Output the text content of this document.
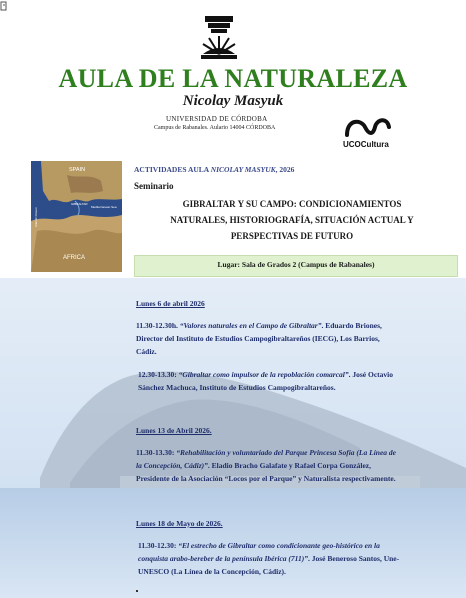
AULA DE LA NATURALEZA
Nicolay Masyuk
UNIVERSIDAD DE CÓRDOBA
Campus de Rabanales. Aulario 14004 CÓRDOBA
UCOCultura
SPAIN
AFRICA
GIBRALTAR
Mediterranean Sea
Atlantic Ocean
ACTIVIDADES AULA NICOLAY MASYUK, 2026
Seminario
GIBRALTAR Y SU CAMPO: CONDICIONAMIENTOS
NATURALES, HISTORIOGRAFÍA, SITUACIÓN ACTUAL Y
PERSPECTIVAS DE FUTURO
Lugar: Sala de Grados 2 (Campus de Rabanales)
Lunes 6 de abril 2026
11.30-12.30h. “Valores naturales en el Campo de Gibraltar”. Eduardo Briones,
Director del Instituto de Estudios Campogibraltareños (IECG), Los Barrios,
Cádiz.
12.30-13.30: “Gibraltar como impulsor de la repoblación comarcal”. José Octavio
Sánchez Machuca, Instituto de Estudios Campogibraltareños.
Lunes 13 de Abril 2026.
11.30-13.30: “Rehabilitación y voluntariado del Parque Princesa Sofía (La Línea de
la Concepción, Cádiz)”. Eladio Bracho Galafate y Rafael Corpa González,
Presidente de la Asociación “Locos por el Parque” y Naturalista respectivamente.
Lunes 18 de Mayo de 2026.
11.30-12.30: “El estrecho de Gibraltar como condicionante geo-histórico en la
conquista arabo-bereber de la península Ibérica (711)”. José Beneroso Santos, Une-
UNESCO (La Línea de la Concepción, Cádiz).
